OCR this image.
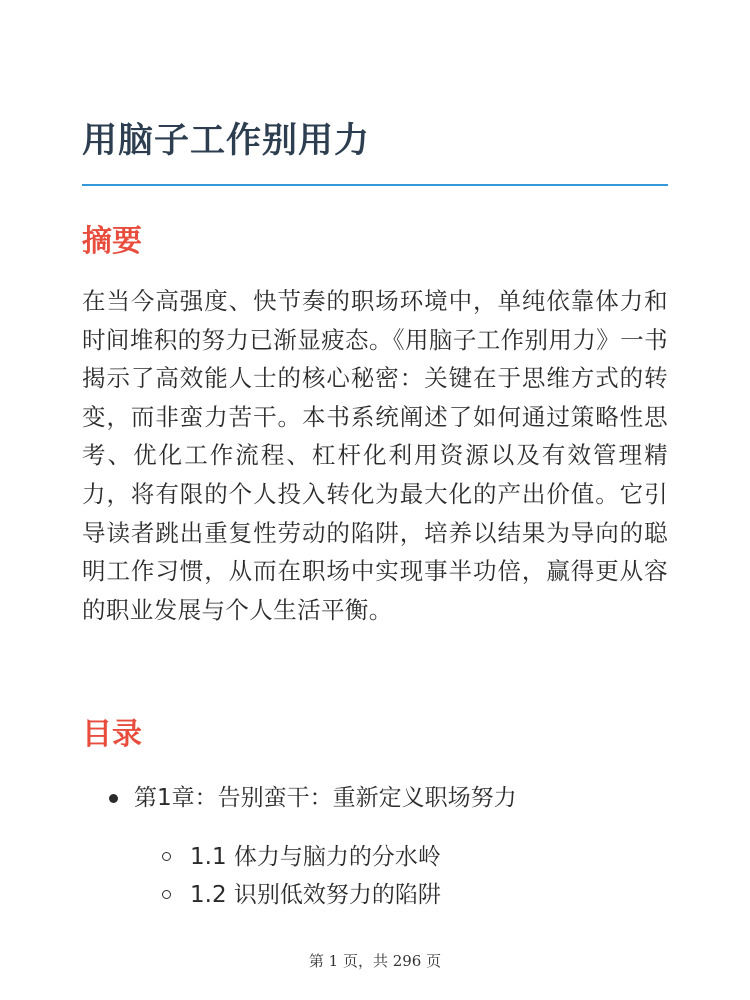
用脑子工作别用力
摘要

在当今高强度、快节奏的职场环境中，单纯依靠体力和时间堆积的努力已渐显疲态。《用脑子工作别用力》一书揭示了高效能人士的核心秘密：关键在于思维方式的转变，而非蛮力苦干。本书系统阐述了如何通过策略性思考、优化工作流程、杠杆化利用资源以及有效管理精力，将有限的个人投入转化为最大化的产出价值。它引导读者跳出重复性劳动的陷阱，培养以结果为导向的聪明工作习惯，从而在职场中实现事半功倍，赢得更从容的职业发展与个人生活平衡。

目录
第1章：告别蛮干：重新定义职场努力
1.1 体力与脑力的分水岭
1.2 识别低效努力的陷阱
第 1 页，共 296 页
